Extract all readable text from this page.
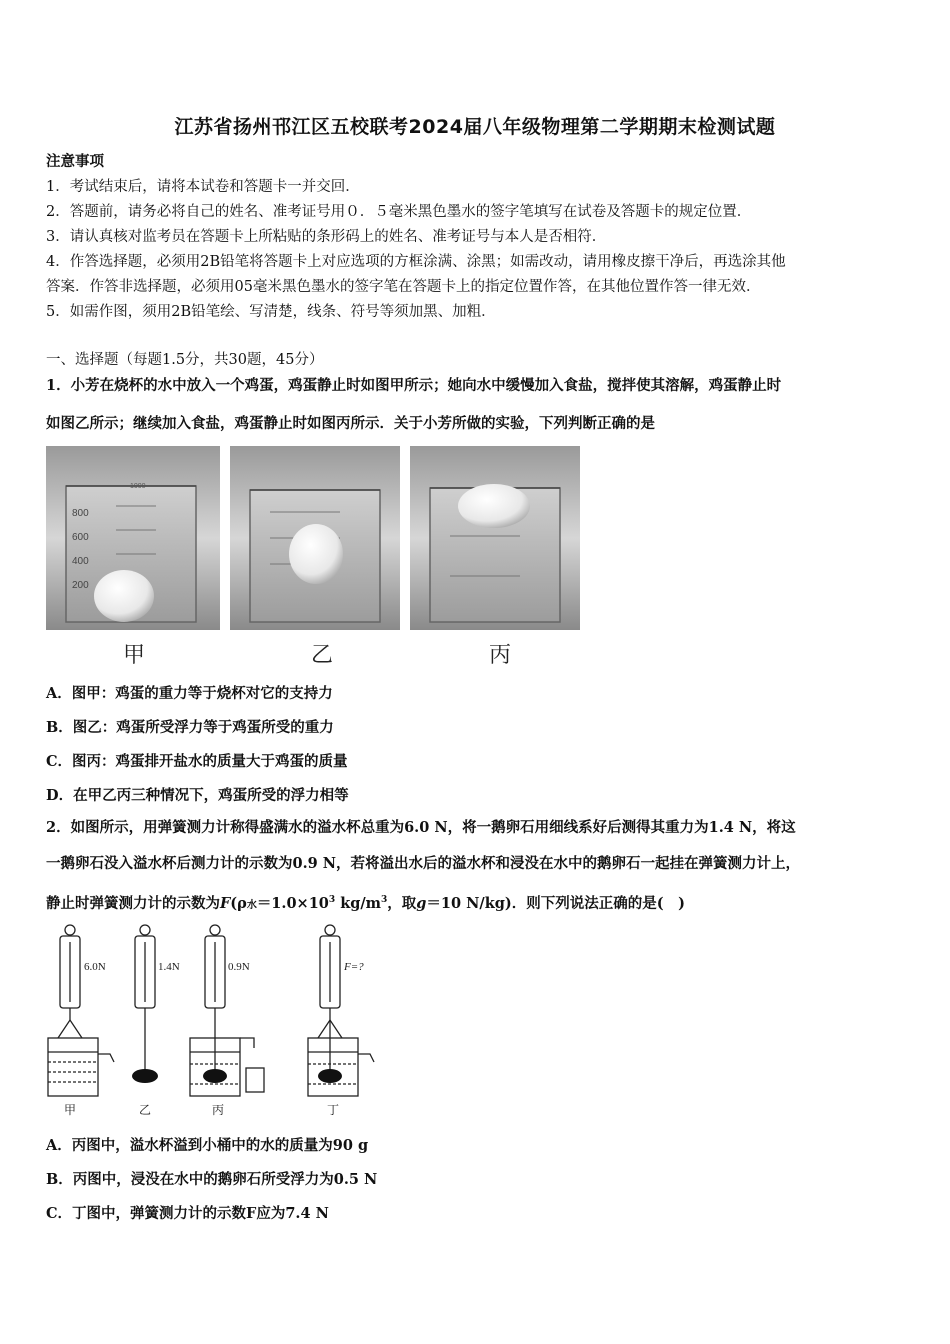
江苏省扬州邗江区五校联考2024届八年级物理第二学期期末检测试题
注意事项
1．考试结束后，请将本试卷和答题卡一并交回．
2．答题前，请务必将自己的姓名、准考证号用０．５毫米黑色墨水的签字笔填写在试卷及答题卡的规定位置．
3．请认真核对监考员在答题卡上所粘贴的条形码上的姓名、准考证号与本人是否相符．
4．作答选择题，必须用2B铅笔将答题卡上对应选项的方框涂满、涂黑；如需改动，请用橡皮擦干净后，再选涂其他
答案．作答非选择题，必须用05毫米黑色墨水的签字笔在答题卡上的指定位置作答，在其他位置作答一律无效．
5．如需作图，须用2B铅笔绘、写清楚，线条、符号等须加黑、加粗．
一、选择题（每题1.5分，共30题，45分）
1．小芳在烧杯的水中放入一个鸡蛋，鸡蛋静止时如图甲所示；她向水中缓慢加入食盐，搅拌使其溶解，鸡蛋静止时
如图乙所示；继续加入食盐，鸡蛋静止时如图丙所示．关于小芳所做的实验，下列判断正确的是
1000
800
600
400
200
甲	乙	丙
A．图甲：鸡蛋的重力等于烧杯对它的支持力
B．图乙：鸡蛋所受浮力等于鸡蛋所受的重力
C．图丙：鸡蛋排开盐水的质量大于鸡蛋的质量
D．在甲乙丙三种情况下，鸡蛋所受的浮力相等
2．如图所示，用弹簧测力计称得盛满水的溢水杯总重为6.0 N，将一鹅卵石用细线系好后测得其重力为1.4 N，将这
一鹅卵石没入溢水杯后测力计的示数为0.9 N，若将溢出水后的溢水杯和浸没在水中的鹅卵石一起挂在弹簧测力计上，
静止时弹簧测力计的示数为F(ρ水$=1.0\times 10^3$ $kg/m^3$，取g＝10 N/kg)．则下列说法正确的是(　)
6.0N	1.4N	0.9N	F=?
甲	乙	丙	丁
A．丙图中，溢水杯溢到小桶中的水的质量为90 g
B．丙图中，浸没在水中的鹅卵石所受浮力为0.5 N
C．丁图中，弹簧测力计的示数F应为7.4 N
